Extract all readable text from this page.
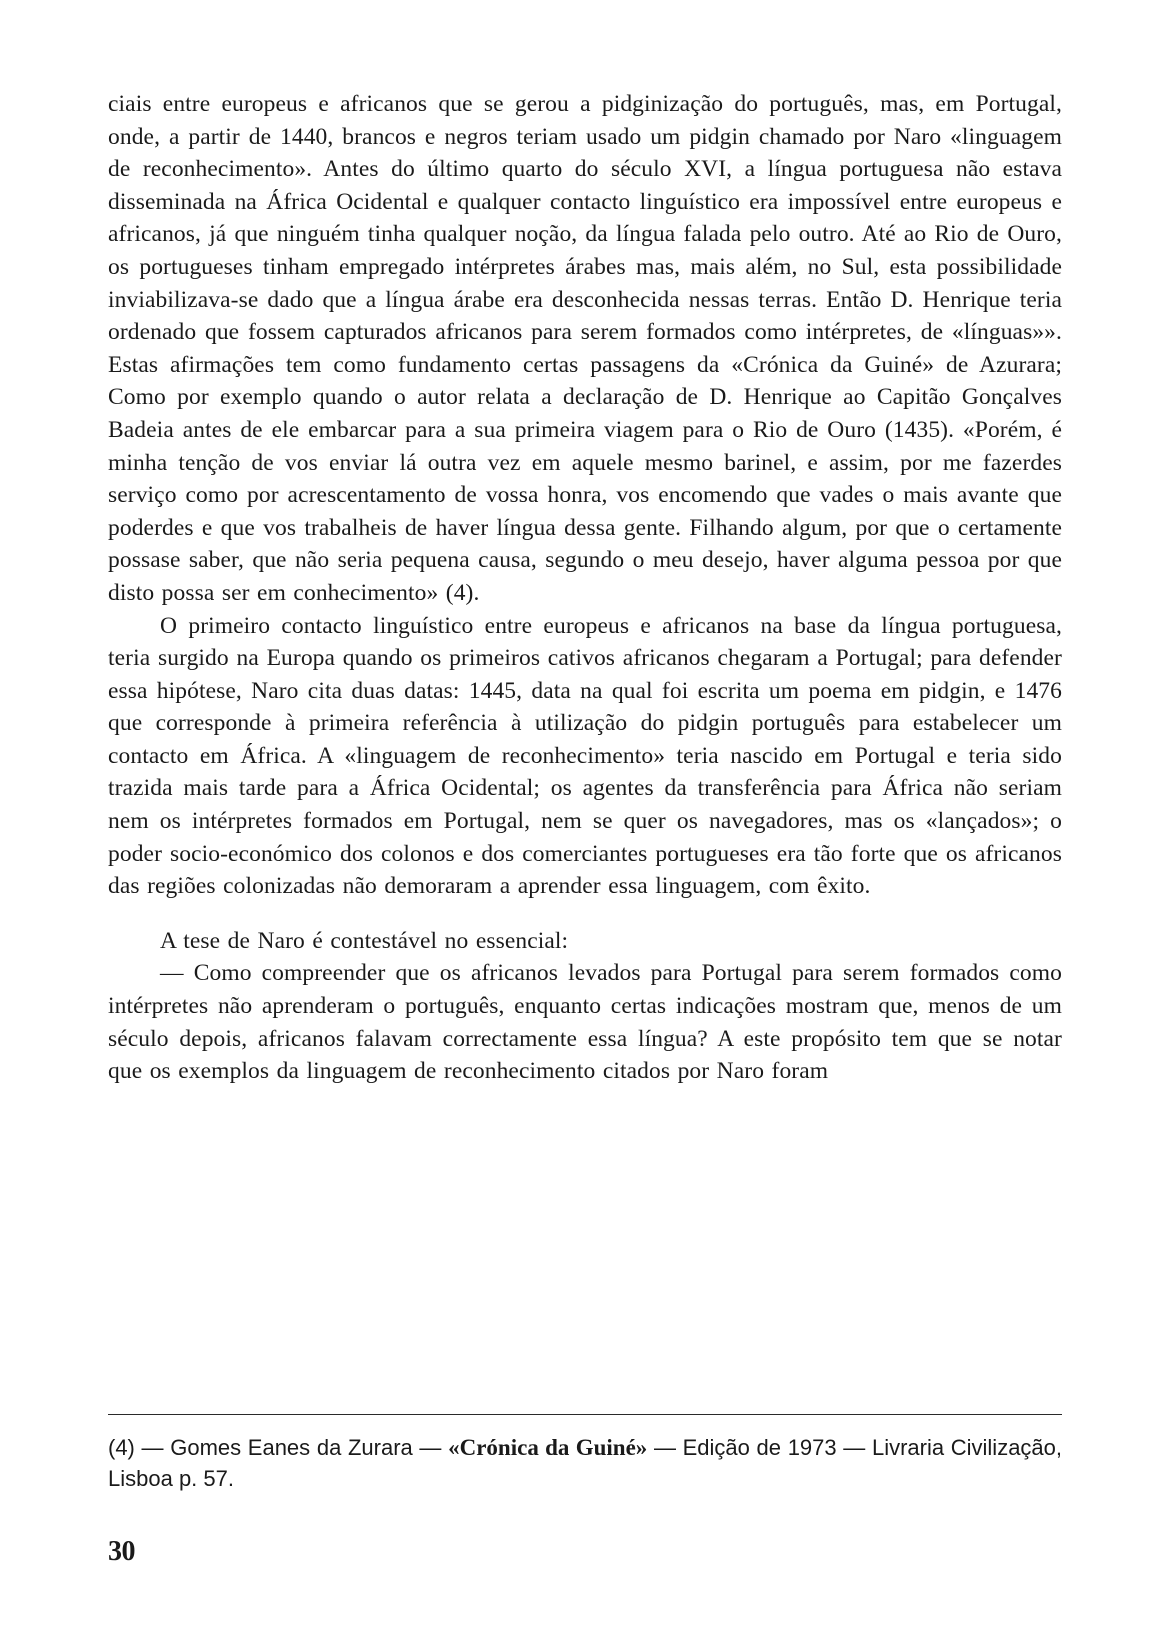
ciais entre europeus e africanos que se gerou a pidginização do português, mas, em Portugal, onde, a partir de 1440, brancos e negros teriam usado um pidgin chamado por Naro «linguagem de reconhecimento». Antes do último quarto do século XVI, a língua portuguesa não estava disseminada na África Ocidental e qualquer contacto linguístico era impossível entre europeus e africanos, já que ninguém tinha qualquer noção, da língua falada pelo outro. Até ao Rio de Ouro, os portugueses tinham empregado intérpretes árabes mas, mais além, no Sul, esta possibilidade inviabilizava-se dado que a língua árabe era desconhecida nessas terras. Então D. Henrique teria ordenado que fossem capturados africanos para serem formados como intérpretes, de «línguas»». Estas afirmações tem como fundamento certas passagens da «Crónica da Guiné» de Azurara; Como por exemplo quando o autor relata a declaração de D. Henrique ao Capitão Gonçalves Badeia antes de ele embarcar para a sua primeira viagem para o Rio de Ouro (1435). «Porém, é minha tenção de vos enviar lá outra vez em aquele mesmo barinel, e assim, por me fazerdes serviço como por acrescentamento de vossa honra, vos encomendo que vades o mais avante que poderdes e que vos trabalheis de haver língua dessa gente. Filhando algum, por que o certamente possase saber, que não seria pequena causa, segundo o meu desejo, haver alguma pessoa por que disto possa ser em conhecimento» (4).

O primeiro contacto linguístico entre europeus e africanos na base da língua portuguesa, teria surgido na Europa quando os primeiros cativos africanos chegaram a Portugal; para defender essa hipótese, Naro cita duas datas: 1445, data na qual foi escrita um poema em pidgin, e 1476 que corresponde à primeira referência à utilização do pidgin português para estabelecer um contacto em África. A «linguagem de reconhecimento» teria nascido em Portugal e teria sido trazida mais tarde para a África Ocidental; os agentes da transferência para África não seriam nem os intérpretes formados em Portugal, nem se quer os navegadores, mas os «lançados»; o poder socio-económico dos colonos e dos comerciantes portugueses era tão forte que os africanos das regiões colonizadas não demoraram a aprender essa linguagem, com êxito.

A tese de Naro é contestável no essencial:

— Como compreender que os africanos levados para Portugal para serem formados como intérpretes não aprenderam o português, enquanto certas indicações mostram que, menos de um século depois, africanos falavam correctamente essa língua? A este propósito tem que se notar que os exemplos da linguagem de reconhecimento citados por Naro foram

(4) — Gomes Eanes da Zurara — «Crónica da Guiné» — Edição de 1973 — Livraria Civilização, Lisboa p. 57.

30
